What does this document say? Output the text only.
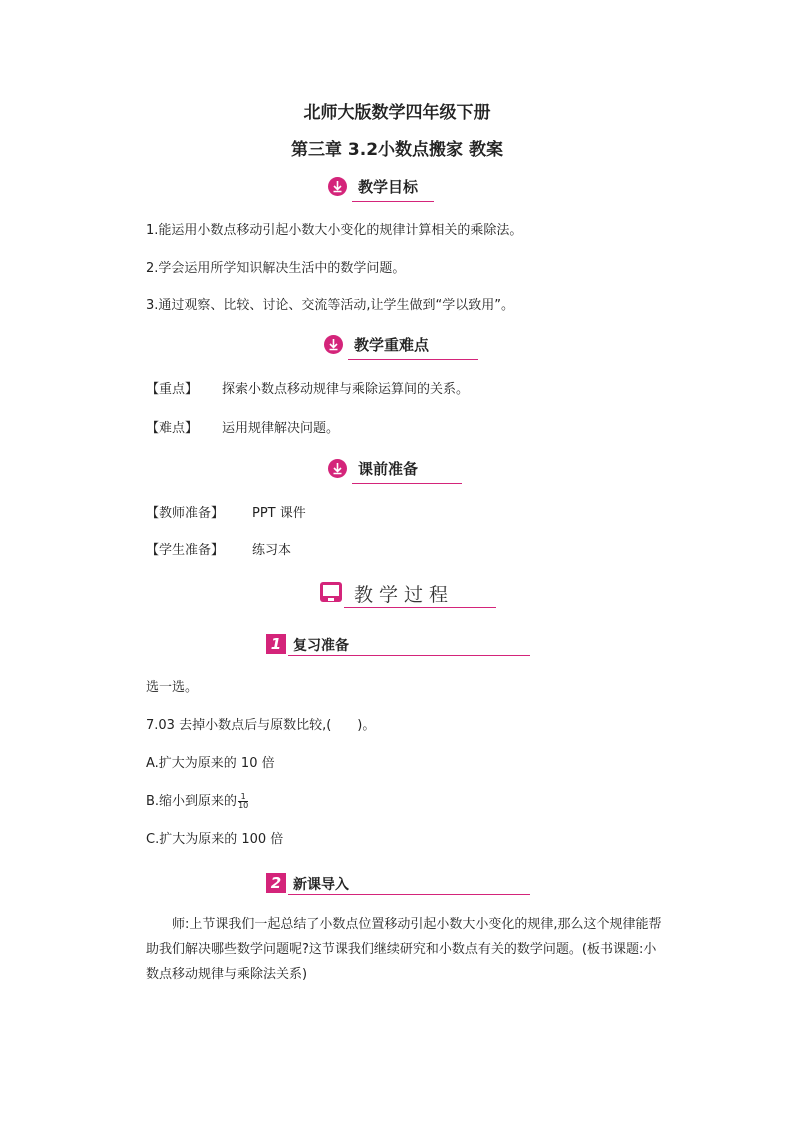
北师大版数学四年级下册
第三章 3.2小数点搬家 教案
教学目标
1.能运用小数点移动引起小数大小变化的规律计算相关的乘除法。
2.学会运用所学知识解决生活中的数学问题。
3.通过观察、比较、讨论、交流等活动,让学生做到“学以致用”。
教学重难点
【重点】 探索小数点移动规律与乘除运算间的关系。
【难点】 运用规律解决问题。
课前准备
【教师准备】 PPT 课件
【学生准备】 练习本
教学过程
1 复习准备
选一选。
7.03 去掉小数点后与原数比较,(　　)。
A.扩大为原来的 10 倍
B.缩小到原来的 $\frac{1}{10}$
C.扩大为原来的 100 倍
2 新课导入
师:上节课我们一起总结了小数点位置移动引起小数大小变化的规律,那么这个规律能帮助我们解决哪些数学问题呢?这节课我们继续研究和小数点有关的数学问题。(板书课题:小数点移动规律与乘除法关系)
